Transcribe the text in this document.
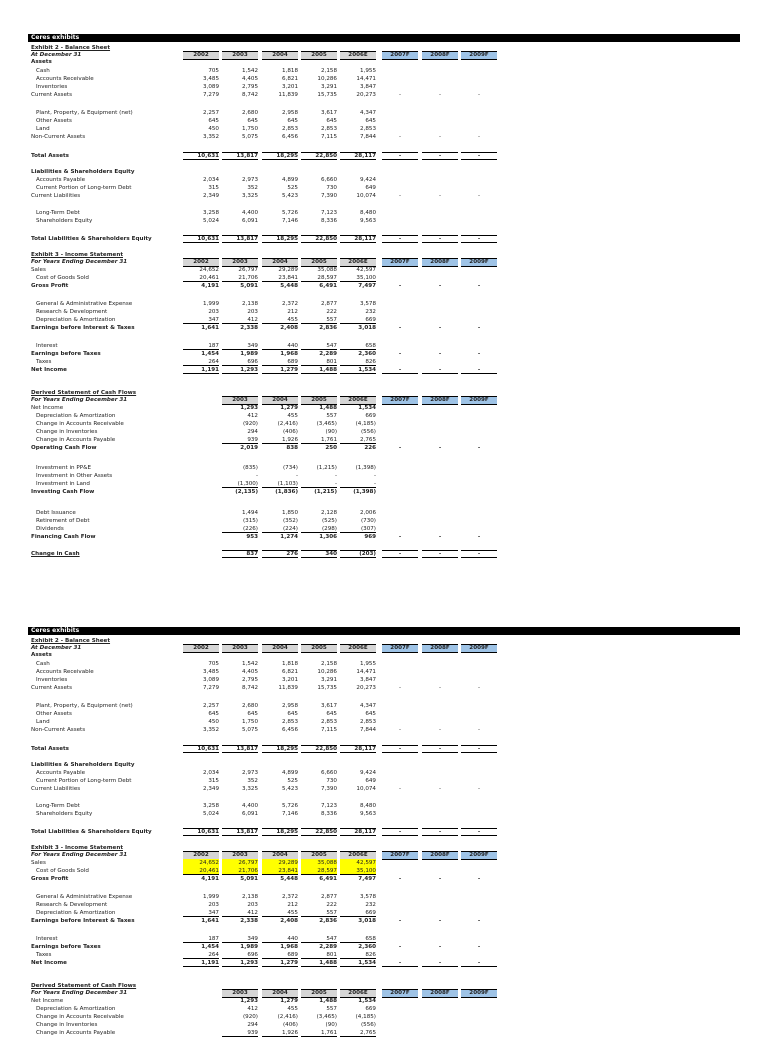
Ceres exhibits
Exhibit 2 - Balance Sheet
At December 31	2002	2003	2004	2005	2006E	2007F	2008F	2009F
Assets
Cash	705	1,542	1,818	2,158	1,955
Accounts Receivable	3,485	4,405	6,821	10,286	14,471
Inventories	3,089	2,795	3,201	3,291	3,847
Current Assets	7,279	8,742	11,839	15,735	20,273	-	-	-
Plant, Property, & Equipment (net)	2,257	2,680	2,958	3,617	4,347
Other Assets	645	645	645	645	645
Land	450	1,750	2,853	2,853	2,853
Non-Current Assets	3,352	5,075	6,456	7,115	7,844	-	-	-
Total Assets	10,631	13,817	18,295	22,850	28,117	-	-	-
Liabilities & Shareholders Equity
Accounts Payable	2,034	2,973	4,899	6,660	9,424
Current Portion of Long-term Debt	315	352	525	730	649
Current Liabilities	2,349	3,325	5,423	7,390	10,074	-	-	-
Long-Term Debt	3,258	4,400	5,726	7,123	8,480
Shareholders Equity	5,024	6,091	7,146	8,336	9,563
Total Liabilities & Shareholders Equity	10,631	13,817	18,295	22,850	28,117	-	-	-
Exhibit 3 - Income Statement
For Years Ending December 31	2002	2003	2004	2005	2006E	2007F	2008F	2009F
Sales	24,652	26,797	29,289	35,088	42,597
Cost of Goods Sold	20,461	21,706	23,841	28,597	35,100
Gross Profit	4,191	5,091	5,448	6,491	7,497	-	-	-
General & Administrative Expense	1,999	2,138	2,372	2,877	3,578
Research & Development	203	203	212	222	232
Depreciation & Amortization	347	412	455	557	669
Earnings before Interest & Taxes	1,641	2,338	2,408	2,836	3,018	-	-	-
Interest	187	349	440	547	658
Earnings before Taxes	1,454	1,989	1,968	2,289	2,360	-	-	-
Taxes	264	696	689	801	826
Net Income	1,191	1,293	1,279	1,488	1,534	-	-	-
Derived Statement of Cash Flows
For Years Ending December 31	2003	2004	2005	2006E	2007F	2008F	2009F
Net Income	1,293	1,279	1,488	1,534
Depreciation & Amortization	412	455	557	669
Change in Accounts Receivable	(920)	(2,416)	(3,465)	(4,185)
Change in Inventories	294	(406)	(90)	(556)
Change in Accounts Payable	939	1,926	1,761	2,765
Operating Cash Flow	2,019	838	250	226	-	-	-
Investment in PP&E	(835)	(734)	(1,215)	(1,398)
Investment in Other Assets	-	-	-	-
Investment in Land	(1,300)	(1,103)	-	-
Investing Cash Flow	(2,135)	(1,836)	(1,215)	(1,398)
Debt Issuance	1,494	1,850	2,128	2,006
Retirement of Debt	(315)	(352)	(525)	(730)
Dividends	(226)	(224)	(298)	(307)
Financing Cash Flow	953	1,274	1,306	969	-	-	-
Change in Cash	837	276	340	(203)	-	-	-
Ceres exhibits
Exhibit 2 - Balance Sheet
At December 31	2002	2003	2004	2005	2006E	2007F	2008F	2009F
Assets
Cash	705	1,542	1,818	2,158	1,955
Accounts Receivable	3,485	4,405	6,821	10,286	14,471
Inventories	3,089	2,795	3,201	3,291	3,847
Current Assets	7,279	8,742	11,839	15,735	20,273	-	-	-
Plant, Property, & Equipment (net)	2,257	2,680	2,958	3,617	4,347
Other Assets	645	645	645	645	645
Land	450	1,750	2,853	2,853	2,853
Non-Current Assets	3,352	5,075	6,456	7,115	7,844	-	-	-
Total Assets	10,631	13,817	18,295	22,850	28,117	-	-	-
Liabilities & Shareholders Equity
Accounts Payable	2,034	2,973	4,899	6,660	9,424
Current Portion of Long-term Debt	315	352	525	730	649
Current Liabilities	2,349	3,325	5,423	7,390	10,074	-	-	-
Long-Term Debt	3,258	4,400	5,726	7,123	8,480
Shareholders Equity	5,024	6,091	7,146	8,336	9,563
Total Liabilities & Shareholders Equity	10,631	13,817	18,295	22,850	28,117	-	-	-
Exhibit 3 - Income Statement
For Years Ending December 31	2002	2003	2004	2005	2006E	2007F	2008F	2009F
Sales	24,652	26,797	29,289	35,088	42,597
Cost of Goods Sold	20,461	21,706	23,841	28,597	35,100
Gross Profit	4,191	5,091	5,448	6,491	7,497	-	-	-
General & Administrative Expense	1,999	2,138	2,372	2,877	3,578
Research & Development	203	203	212	222	232
Depreciation & Amortization	347	412	455	557	669
Earnings before Interest & Taxes	1,641	2,338	2,408	2,836	3,018	-	-	-
Interest	187	349	440	547	658
Earnings before Taxes	1,454	1,989	1,968	2,289	2,360	-	-	-
Taxes	264	696	689	801	826
Net Income	1,191	1,293	1,279	1,488	1,534	-	-	-
Derived Statement of Cash Flows
For Years Ending December 31	2003	2004	2005	2006E	2007F	2008F	2009F
Net Income	1,293	1,279	1,488	1,534
Depreciation & Amortization	412	455	557	669
Change in Accounts Receivable	(920)	(2,416)	(3,465)	(4,185)
Change in Inventories	294	(406)	(90)	(556)
Change in Accounts Payable	939	1,926	1,761	2,765
